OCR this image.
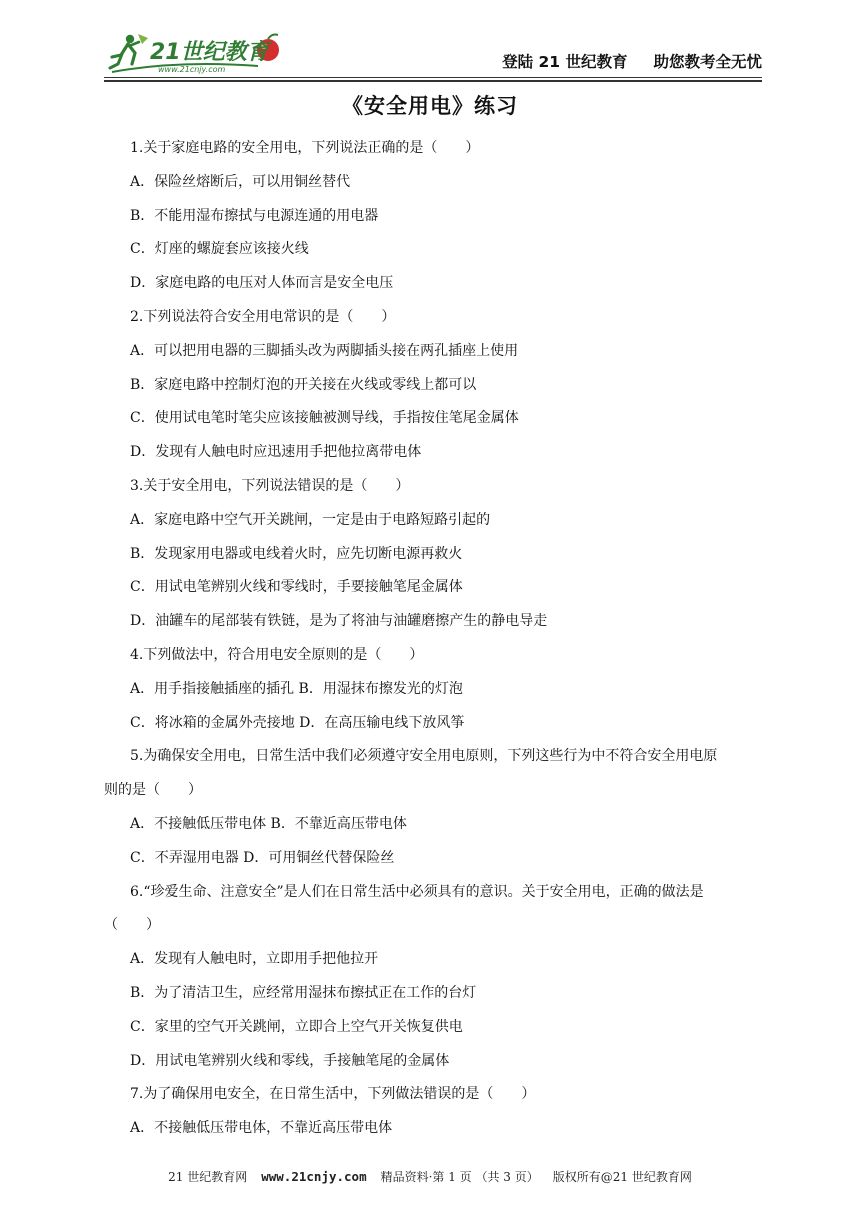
21世纪教育
www.21cnjy.com	登陆 21 世纪教育 助您教考全无忧
《安全用电》练习
1.关于家庭电路的安全用电，下列说法正确的是（　　）
A．保险丝熔断后，可以用铜丝替代
B．不能用湿布擦拭与电源连通的用电器
C．灯座的螺旋套应该接火线
D．家庭电路的电压对人体而言是安全电压
2.下列说法符合安全用电常识的是（　　）
A．可以把用电器的三脚插头改为两脚插头接在两孔插座上使用
B．家庭电路中控制灯泡的开关接在火线或零线上都可以
C．使用试电笔时笔尖应该接触被测导线，手指按住笔尾金属体
D．发现有人触电时应迅速用手把他拉离带电体
3.关于安全用电，下列说法错误的是（　　）
A．家庭电路中空气开关跳闸，一定是由于电路短路引起的
B．发现家用电器或电线着火时，应先切断电源再救火
C．用试电笔辨别火线和零线时，手要接触笔尾金属体
D．油罐车的尾部装有铁链，是为了将油与油罐磨擦产生的静电导走
4.下列做法中，符合用电安全原则的是（　　）
A．用手指接触插座的插孔 B．用湿抹布擦发光的灯泡
C．将冰箱的金属外壳接地 D．在高压输电线下放风筝
5.为确保安全用电，日常生活中我们必须遵守安全用电原则，下列这些行为中不符合安全用电原
则的是（　　）
A．不接触低压带电体 B．不靠近高压带电体
C．不弄湿用电器 D．可用铜丝代替保险丝
6.“珍爱生命、注意安全”是人们在日常生活中必须具有的意识。关于安全用电，正确的做法是
（　　）
A．发现有人触电时，立即用手把他拉开
B．为了清洁卫生，应经常用湿抹布擦拭正在工作的台灯
C．家里的空气开关跳闸，立即合上空气开关恢复供电
D．用试电笔辨别火线和零线，手接触笔尾的金属体
7.为了确保用电安全，在日常生活中，下列做法错误的是（　　）
A．不接触低压带电体，不靠近高压带电体
21 世纪教育网 www.21cnjy.com 精品资料·第 1 页 （共 3 页） 版权所有@21 世纪教育网
